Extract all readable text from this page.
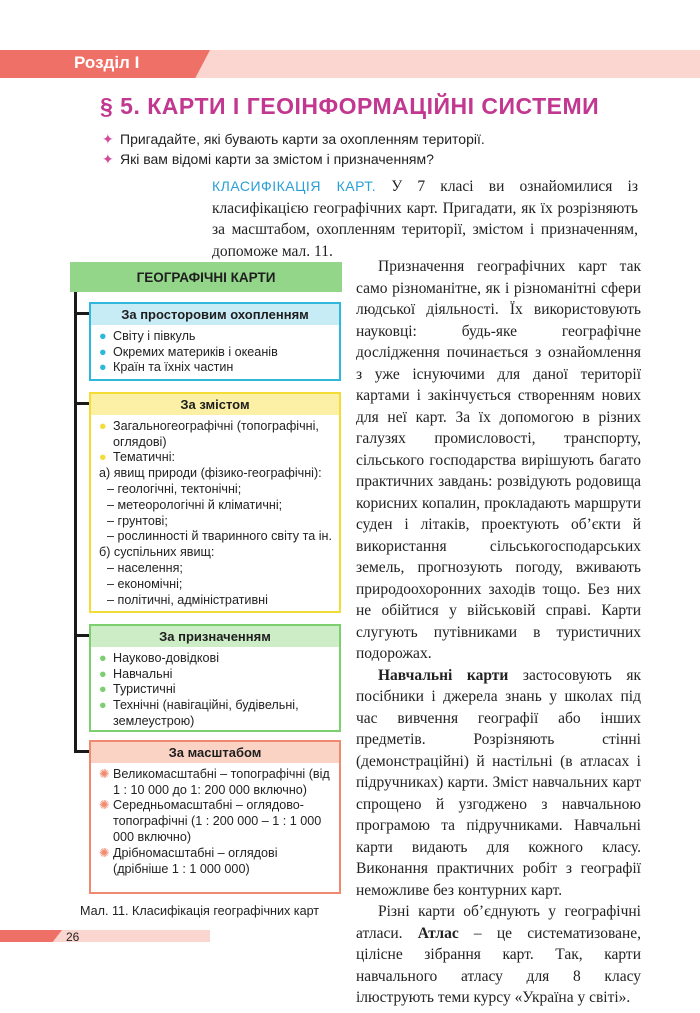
Розділ І
§ 5. КАРТИ І ГЕОІНФОРМАЦІЙНІ СИСТЕМИ
✦ Пригадайте, які бувають карти за охопленням території.
✦ Які вам відомі карти за змістом і призначенням?
КЛАСИФІКАЦІЯ КАРТ. У 7 класі ви ознайомилися із класифікацією географічних карт. Пригадати, як їх розрізняють за масштабом, охопленням території, змістом і призначенням, допоможе мал. 11.
ГЕОГРАФІЧНІ КАРТИ
За просторовим охопленням
● Світу і півкуль
● Окремих материків і океанів
● Країн та їхніх частин
За змістом
● Загальногеографічні (топографічні, оглядові)
● Тематичні:
а) явищ природи (фізико-географічні):
– геологічні, тектонічні;
– метеорологічні й кліматичні;
– грунтові;
– рослинності й тваринного світу та ін.
б) суспільних явищ:
– населення;
– економічні;
– політичні, адміністративні
За призначенням
● Науково-довідкові
● Навчальні
● Туристичні
● Технічні (навігаційні, будівельні, землеустрою)
За масштабом
✺ Великомасштабні – топографічні (від 1 : 10 000 до 1: 200 000 включно)
✺ Середньомасштабні – оглядово-топографічні (1 : 200 000 – 1 : 1 000 000 включно)
✺ Дрібномасштабні – оглядові (дрібніше 1 : 1 000 000)
Мал. 11. Класифікація географічних карт

Призначення географічних карт так само різноманітне, як і різноманітні сфери людської діяльності. Їх використовують науковці: будь-яке географічне дослідження починається з ознайомлення з уже існуючими для даної території картами і закінчується створенням нових для неї карт. За їх допомогою в різних галузях промисловості, транспорту, сільського господарства вирішують багато практичних завдань: розвідують родовища корисних копалин, прокладають маршрути суден і літаків, проектують об’єкти й використання сільськогосподарських земель, прогнозують погоду, вживають природоохоронних заходів тощо. Без них не обійтися у військовій справі. Карти слугують путівниками в туристичних подорожах.

Навчальні карти застосовують як посібники і джерела знань у школах під час вивчення географії або інших предметів. Розрізняють стінні (демонстраційні) й настільні (в атласах і підручниках) карти. Зміст навчальних карт спрощено й узгоджено з навчальною програмою та підручниками. Навчальні карти видають для кожного класу. Виконання практичних робіт з географії неможливе без контурних карт.

Різні карти об’єднують у географічні атласи. Атлас – це систематизоване, цілісне зібрання карт. Так, карти навчального атласу для 8 класу ілюструють теми курсу «Україна у світі».

26
